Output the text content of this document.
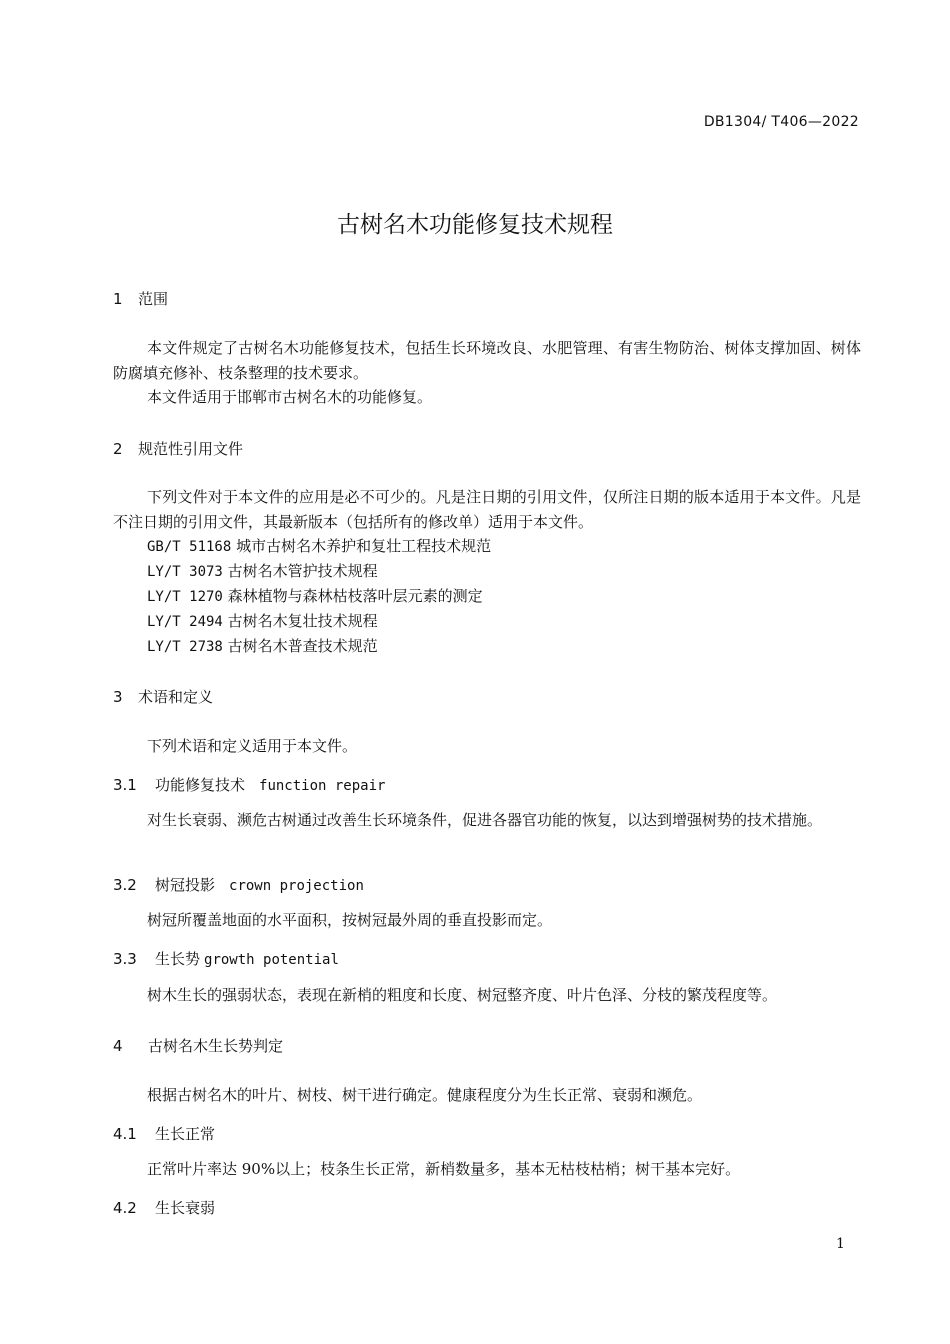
DB1304/ T406—2022
古树名木功能修复技术规程
1 范围
本文件规定了古树名木功能修复技术，包括生长环境改良、水肥管理、有害生物防治、树体支撑加固、树体防腐填充修补、枝条整理的技术要求。
本文件适用于邯郸市古树名木的功能修复。
2 规范性引用文件
下列文件对于本文件的应用是必不可少的。凡是注日期的引用文件，仅所注日期的版本适用于本文件。凡是不注日期的引用文件，其最新版本（包括所有的修改单）适用于本文件。
GB/T 51168 城市古树名木养护和复壮工程技术规范
LY/T 3073 古树名木管护技术规程
LY/T 1270 森林植物与森林枯枝落叶层元素的测定
LY/T 2494 古树名木复壮技术规程
LY/T 2738 古树名木普查技术规范
3 术语和定义
下列术语和定义适用于本文件。
3.1 功能修复技术 function repair
对生长衰弱、濒危古树通过改善生长环境条件，促进各器官功能的恢复，以达到增强树势的技术措施。
3.2 树冠投影 crown projection
树冠所覆盖地面的水平面积，按树冠最外周的垂直投影而定。
3.3 生长势 growth potential
树木生长的强弱状态，表现在新梢的粗度和长度、树冠整齐度、叶片色泽、分枝的繁茂程度等。
4 古树名木生长势判定
根据古树名木的叶片、树枝、树干进行确定。健康程度分为生长正常、衰弱和濒危。
4.1 生长正常
正常叶片率达 90%以上；枝条生长正常，新梢数量多，基本无枯枝枯梢；树干基本完好。
4.2 生长衰弱
1
